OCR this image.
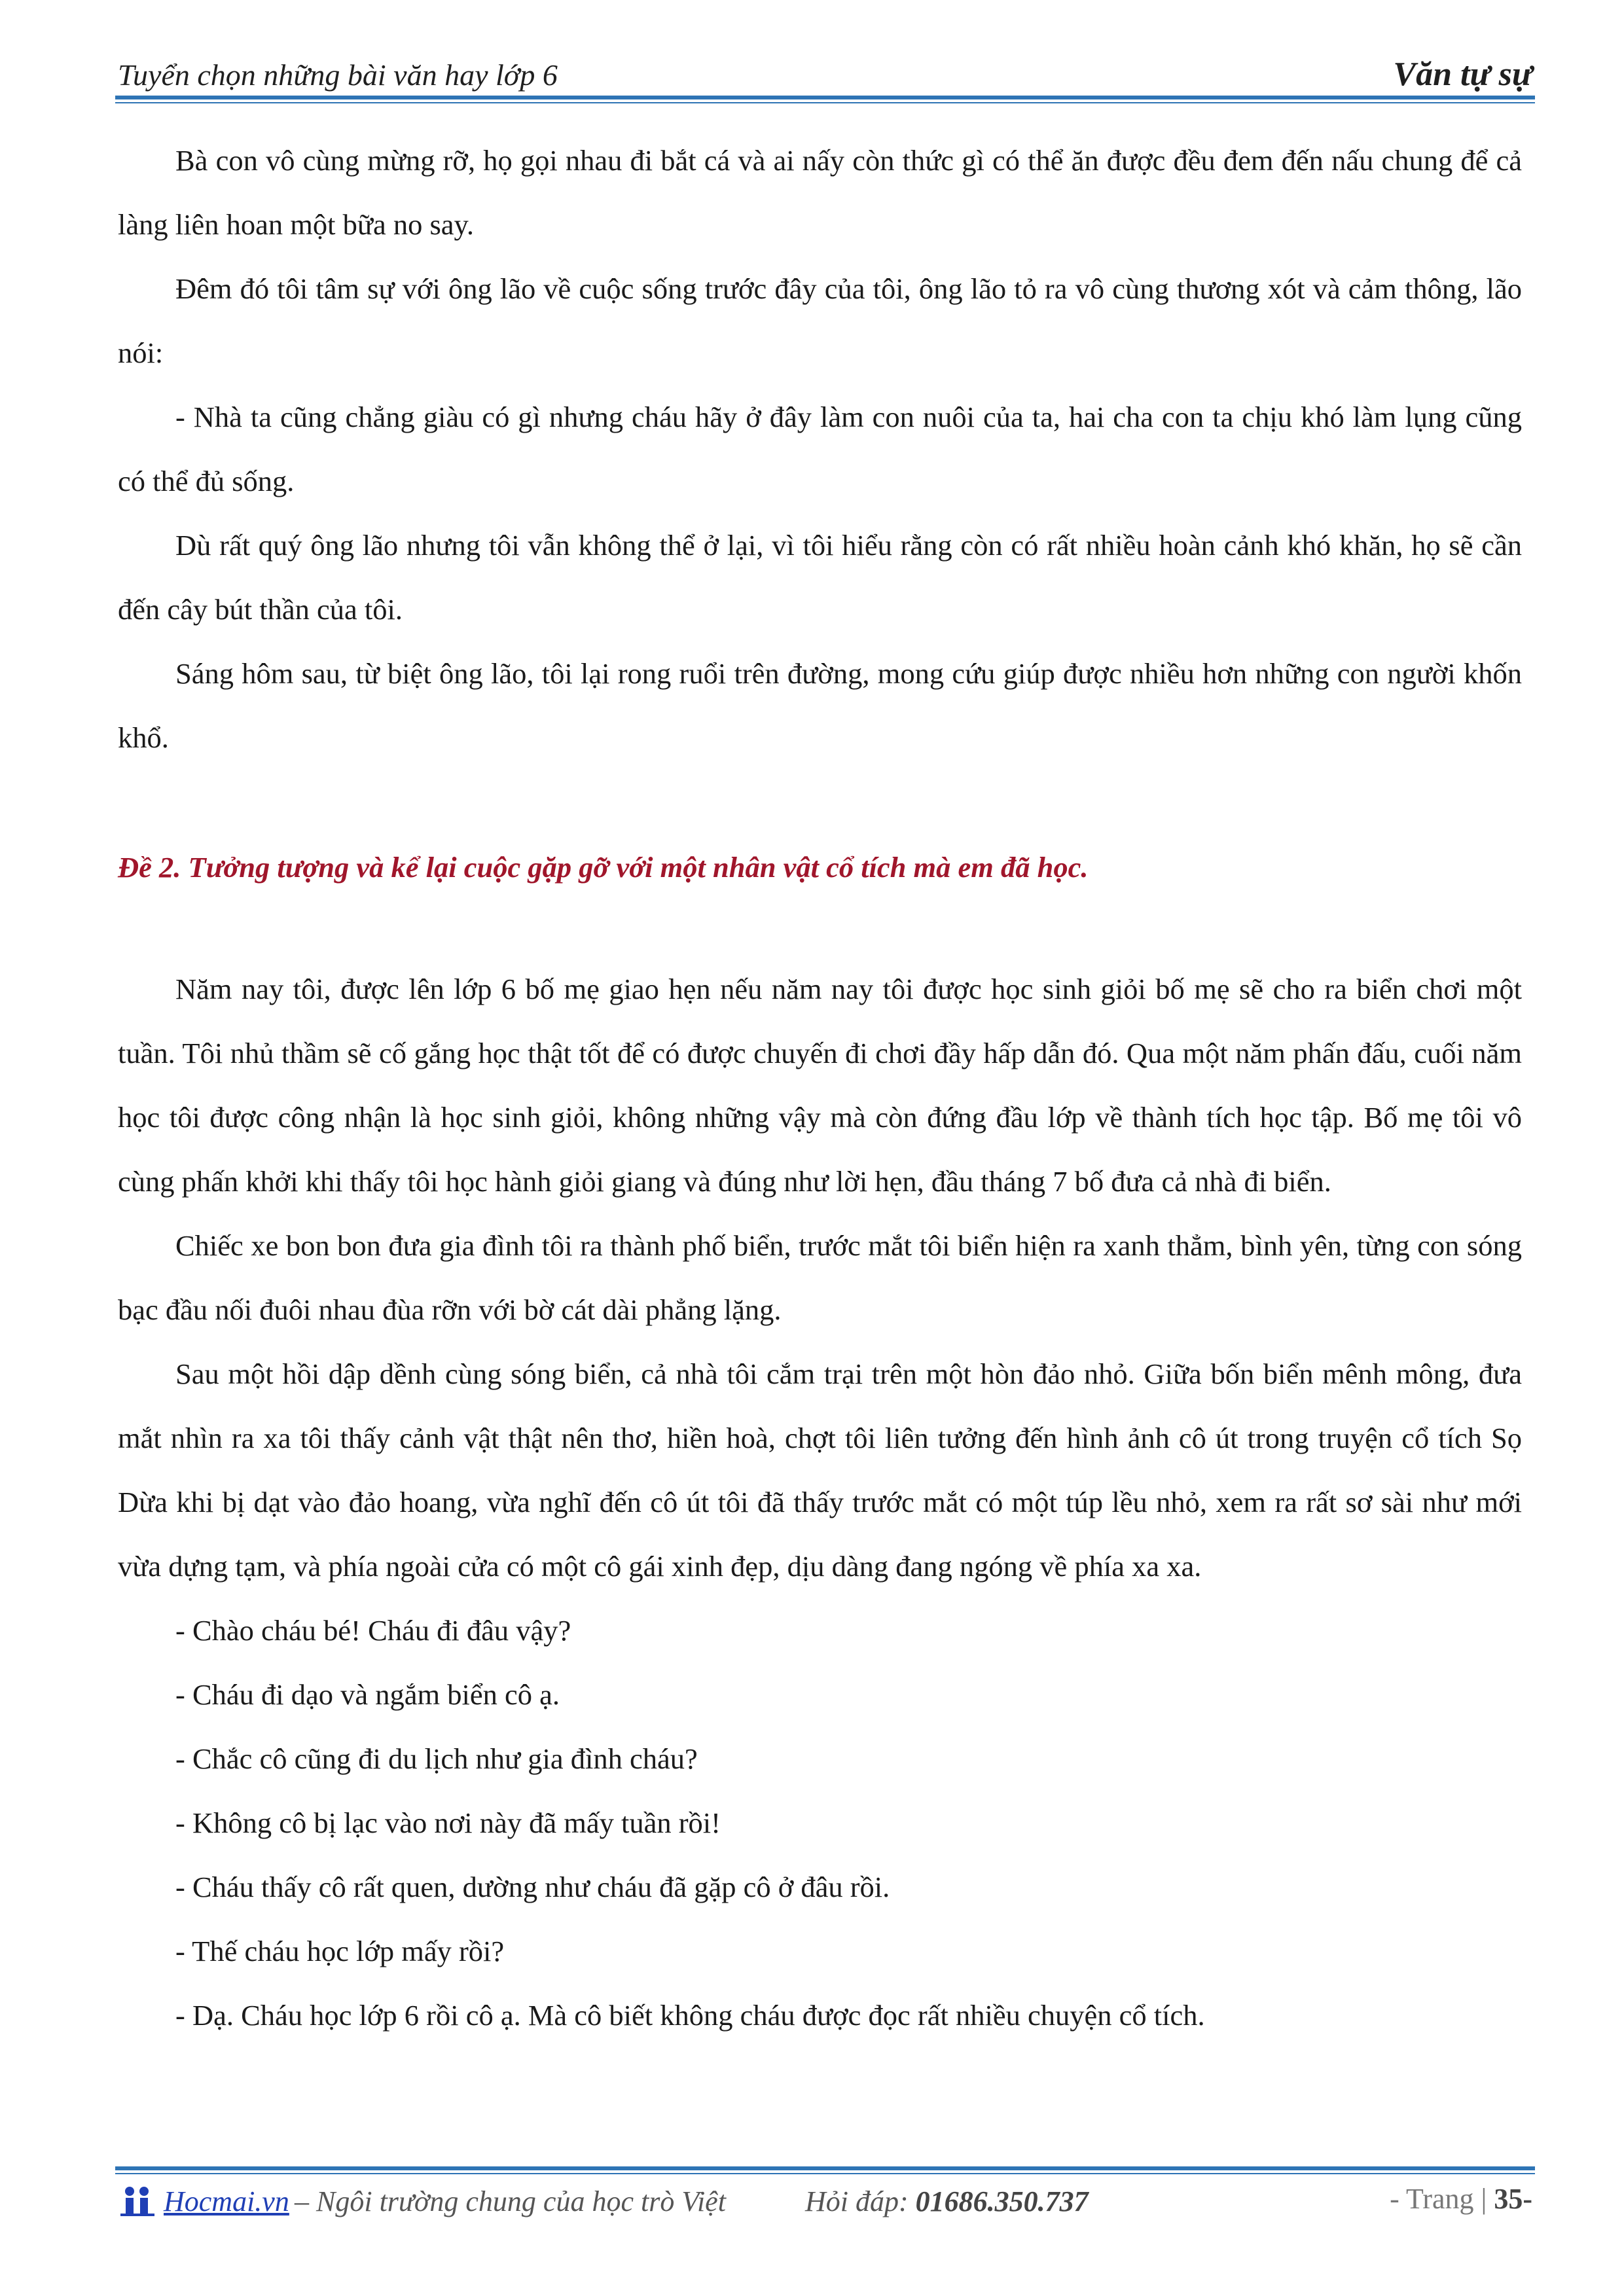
Tuyển chọn những bài văn hay lớp 6	Văn tự sự

Bà con vô cùng mừng rỡ, họ gọi nhau đi bắt cá và ai nấy còn thức gì có thể ăn được đều đem đến nấu chung để cả làng liên hoan một bữa no say.

Đêm đó tôi tâm sự với ông lão về cuộc sống trước đây của tôi, ông lão tỏ ra vô cùng thương xót và cảm thông, lão nói:

- Nhà ta cũng chẳng giàu có gì nhưng cháu hãy ở đây làm con nuôi của ta, hai cha con ta chịu khó làm lụng cũng có thể đủ sống.

Dù rất quý ông lão nhưng tôi vẫn không thể ở lại, vì tôi hiểu rằng còn có rất nhiều hoàn cảnh khó khăn, họ sẽ cần đến cây bút thần của tôi.

Sáng hôm sau, từ biệt ông lão, tôi lại rong ruổi trên đường, mong cứu giúp được nhiều hơn những con người khốn khổ.

Đề 2. Tưởng tượng và kể lại cuộc gặp gỡ với một nhân vật cổ tích mà em đã học.

Năm nay tôi, được lên lớp 6 bố mẹ giao hẹn nếu năm nay tôi được học sinh giỏi bố mẹ sẽ cho ra biển chơi một tuần. Tôi nhủ thầm sẽ cố gắng học thật tốt để có được chuyến đi chơi đầy hấp dẫn đó. Qua một năm phấn đấu, cuối năm học tôi được công nhận là học sinh giỏi, không những vậy mà còn đứng đầu lớp về thành tích học tập. Bố mẹ tôi vô cùng phấn khởi khi thấy tôi học hành giỏi giang và đúng như lời hẹn, đầu tháng 7 bố đưa cả nhà đi biển.

Chiếc xe bon bon đưa gia đình tôi ra thành phố biển, trước mắt tôi biển hiện ra xanh thẳm, bình yên, từng con sóng bạc đầu nối đuôi nhau đùa rỡn với bờ cát dài phẳng lặng.

Sau một hồi dập dềnh cùng sóng biển, cả nhà tôi cắm trại trên một hòn đảo nhỏ. Giữa bốn biển mênh mông, đưa mắt nhìn ra xa tôi thấy cảnh vật thật nên thơ, hiền hoà, chợt tôi liên tưởng đến hình ảnh cô út trong truyện cổ tích Sọ Dừa khi bị dạt vào đảo hoang, vừa nghĩ đến cô út tôi đã thấy trước mắt có một túp lều nhỏ, xem ra rất sơ sài như mới vừa dựng tạm, và phía ngoài cửa có một cô gái xinh đẹp, dịu dàng đang ngóng về phía xa xa.

- Chào cháu bé! Cháu đi đâu vậy?

- Cháu đi dạo và ngắm biển cô ạ.

- Chắc cô cũng đi du lịch như gia đình cháu?

- Không cô bị lạc vào nơi này đã mấy tuần rồi!

- Cháu thấy cô rất quen, dường như cháu đã gặp cô ở đâu rồi.

- Thế cháu học lớp mấy rồi?

- Dạ. Cháu học lớp 6 rồi cô ạ. Mà cô biết không cháu được đọc rất nhiều chuyện cổ tích.

Hocmai.vn – Ngôi trường chung của học trò Việt	Hỏi đáp: 01686.350.737	- Trang | 35-
